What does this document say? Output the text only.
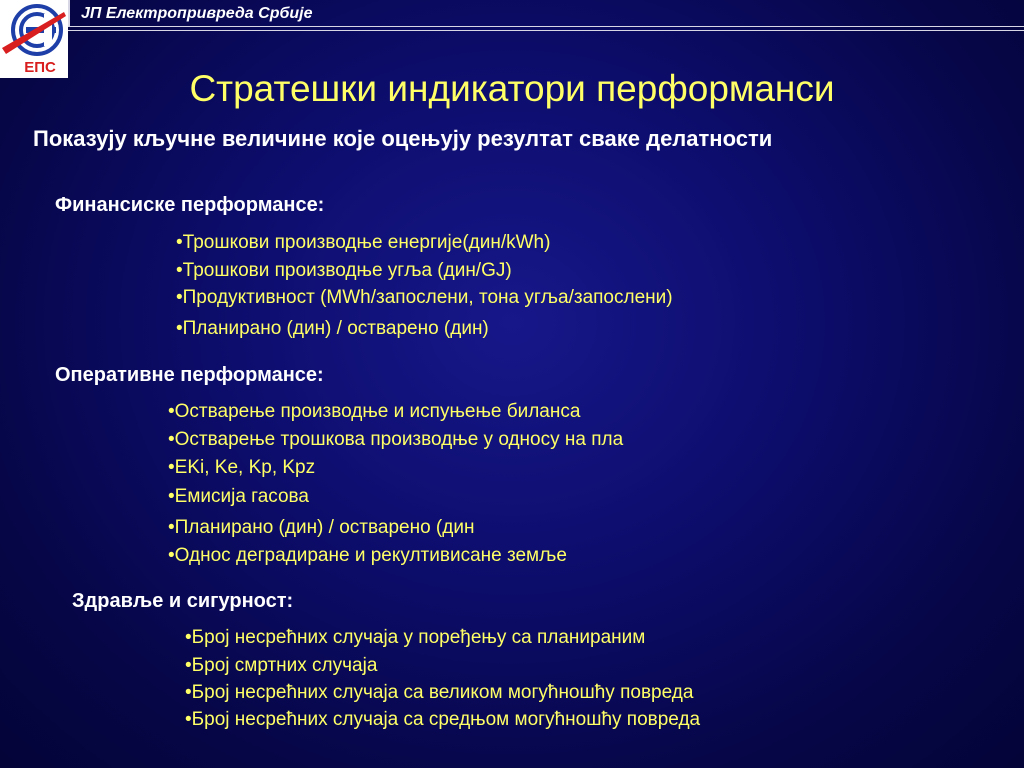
ЈП Електропривреда Србије
ЕПС
Стратешки индикатори перформанси
Показују кључне величине које оцењују резултат сваке делатности
Финансиске перформансе:
•Трошкови производње енергије(дин/kWh)
•Трошкови производње угља (дин/GJ)
•Продуктивност (MWh/запослени, тона угља/запослени)
•Планирано (дин) / остварено (дин)
Оперативне перформансе:
•Остварење производње и испуњење биланса
•Остварење трошкова производње у односу на пла
•EKi, Ke, Kp, Kpz
•Емисија гасова
•Планирано (дин) / остварено (дин
•Однос деградиране и рекултивисане земље
Здравље и сигурност:
•Број несрећних случаја у поређењу са планираним
•Број смртних случаја
•Број несрећних случаја са великом могућношћу повреда
•Број несрећних случаја са средњом могућношћу повреда
